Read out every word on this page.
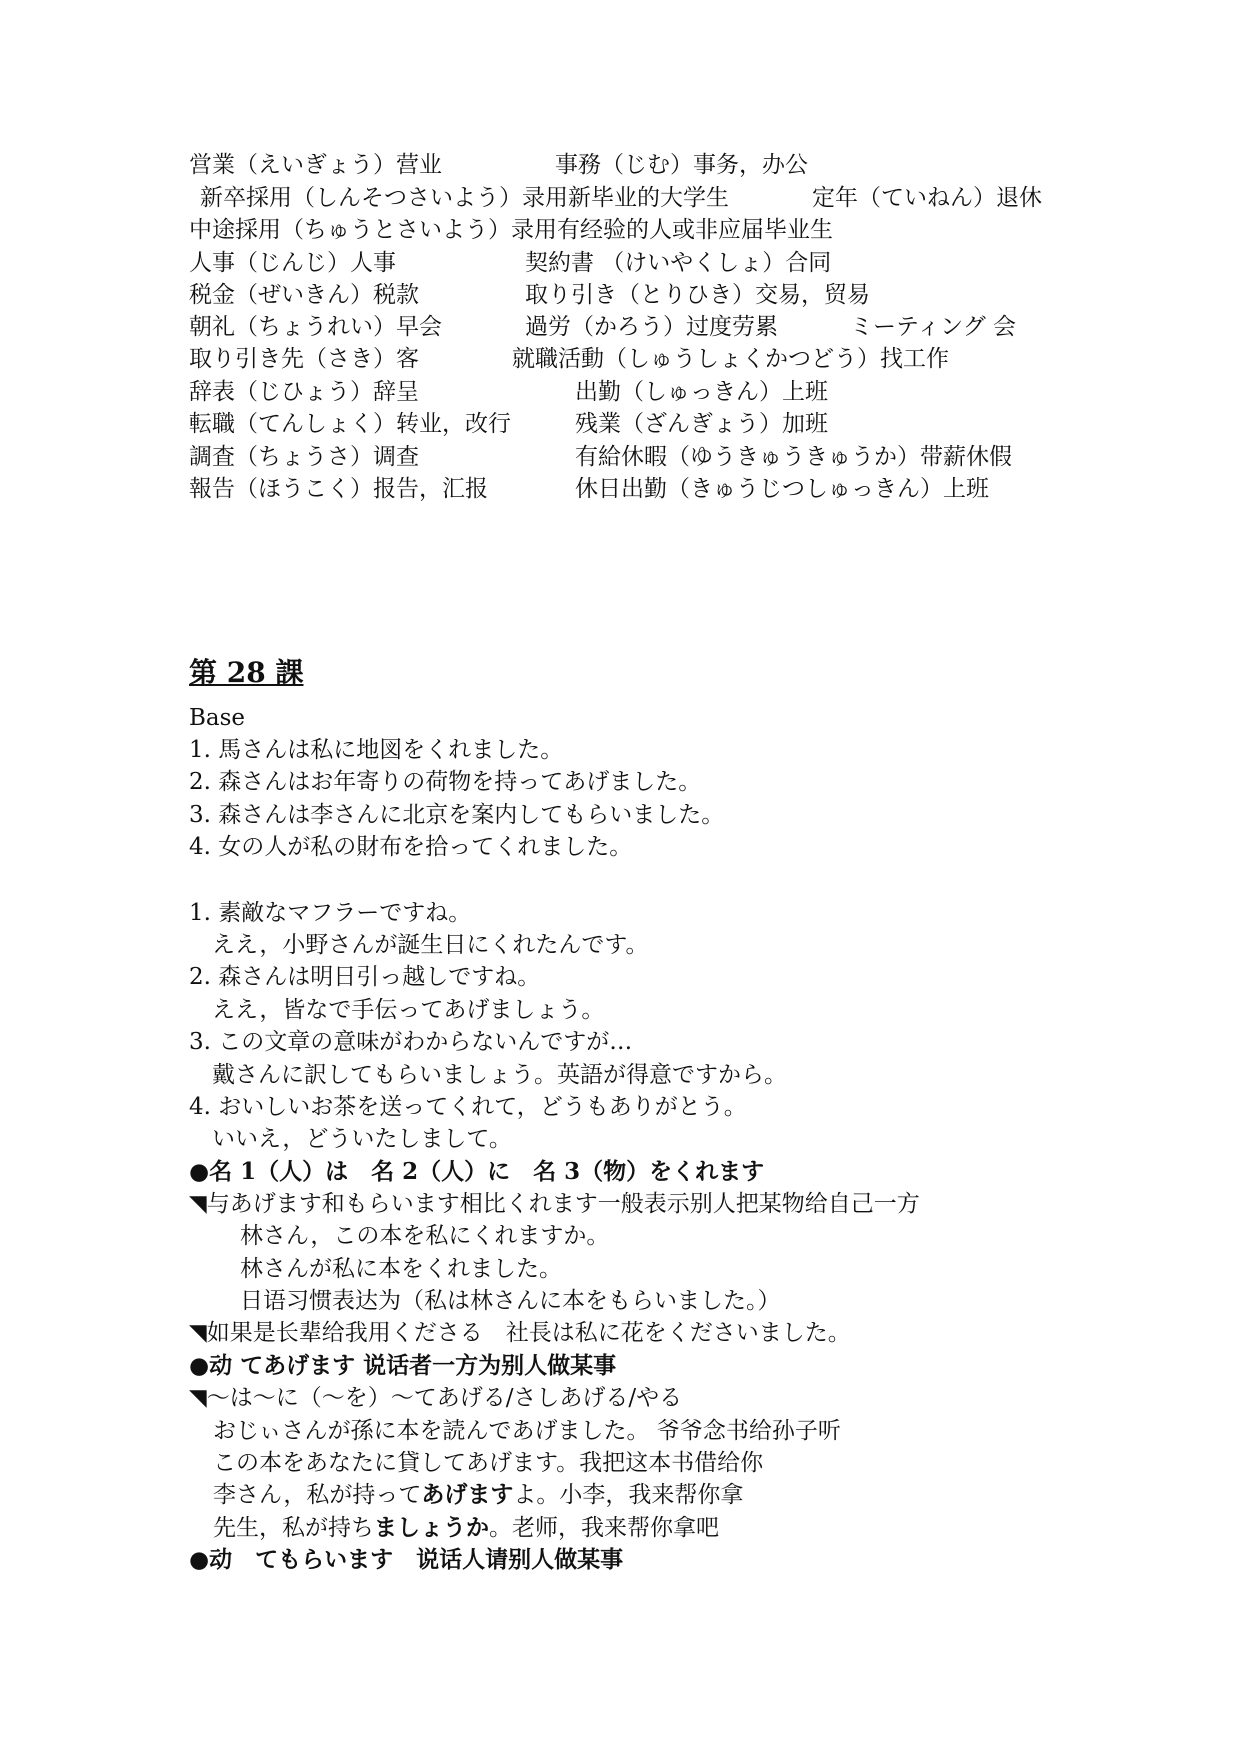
営業（えいぎょう）营业	事務（じむ）事务，办公
新卒採用（しんそつさいよう）录用新毕业的大学生	定年（ていねん）退休
中途採用（ちゅうとさいよう）录用有经验的人或非应届毕业生
人事（じんじ）人事	契約書 （けいやくしょ）合同
税金（ぜいきん）税款	取り引き（とりひき）交易，贸易
朝礼（ちょうれい）早会	過労（かろう）过度劳累	ミーティング 会
取り引き先（さき）客	就職活動（しゅうしょくかつどう）找工作
辞表（じひょう）辞呈	出勤（しゅっきん）上班
転職（てんしょく）转业，改行	残業（ざんぎょう）加班
調査（ちょうさ）调查	有給休暇（ゆうきゅうきゅうか）带薪休假
報告（ほうこく）报告，汇报	休日出勤（きゅうじつしゅっきん）上班
第 28 課
Base
1. 馬さんは私に地図をくれました。
2. 森さんはお年寄りの荷物を持ってあげました。
3. 森さんは李さんに北京を案内してもらいました。
4. 女の人が私の財布を拾ってくれました。
1. 素敵なマフラーですね。
　ええ，小野さんが誕生日にくれたんです。
2. 森さんは明日引っ越しですね。
　ええ，皆なで手伝ってあげましょう。
3. この文章の意味がわからないんですが…
　戴さんに訳してもらいましょう。英語が得意ですから。
4. おいしいお茶を送ってくれて，どうもありがとう。
　いいえ，どういたしまして。
●名 1（人）は　名 2（人）に　名 3（物）をくれます
◥与あげます和もらいます相比くれます一般表示别人把某物给自己一方
林さん，この本を私にくれますか。
林さんが私に本をくれました。
日语习惯表达为（私は林さんに本をもらいました。）
◥如果是长辈给我用くださる　社長は私に花をくださいました。
●动 てあげます 说话者一方为别人做某事
◥～は～に（～を）～てあげる/さしあげる/やる
おじぃさんが孫に本を読んであげました。 爷爷念书给孙子听
この本をあなたに貸してあげます。我把这本书借给你
李さん，私が持ってあげますよ。小李，我来帮你拿
先生，私が持ちましょうか。老师，我来帮你拿吧
●动　てもらいます　说话人请别人做某事
